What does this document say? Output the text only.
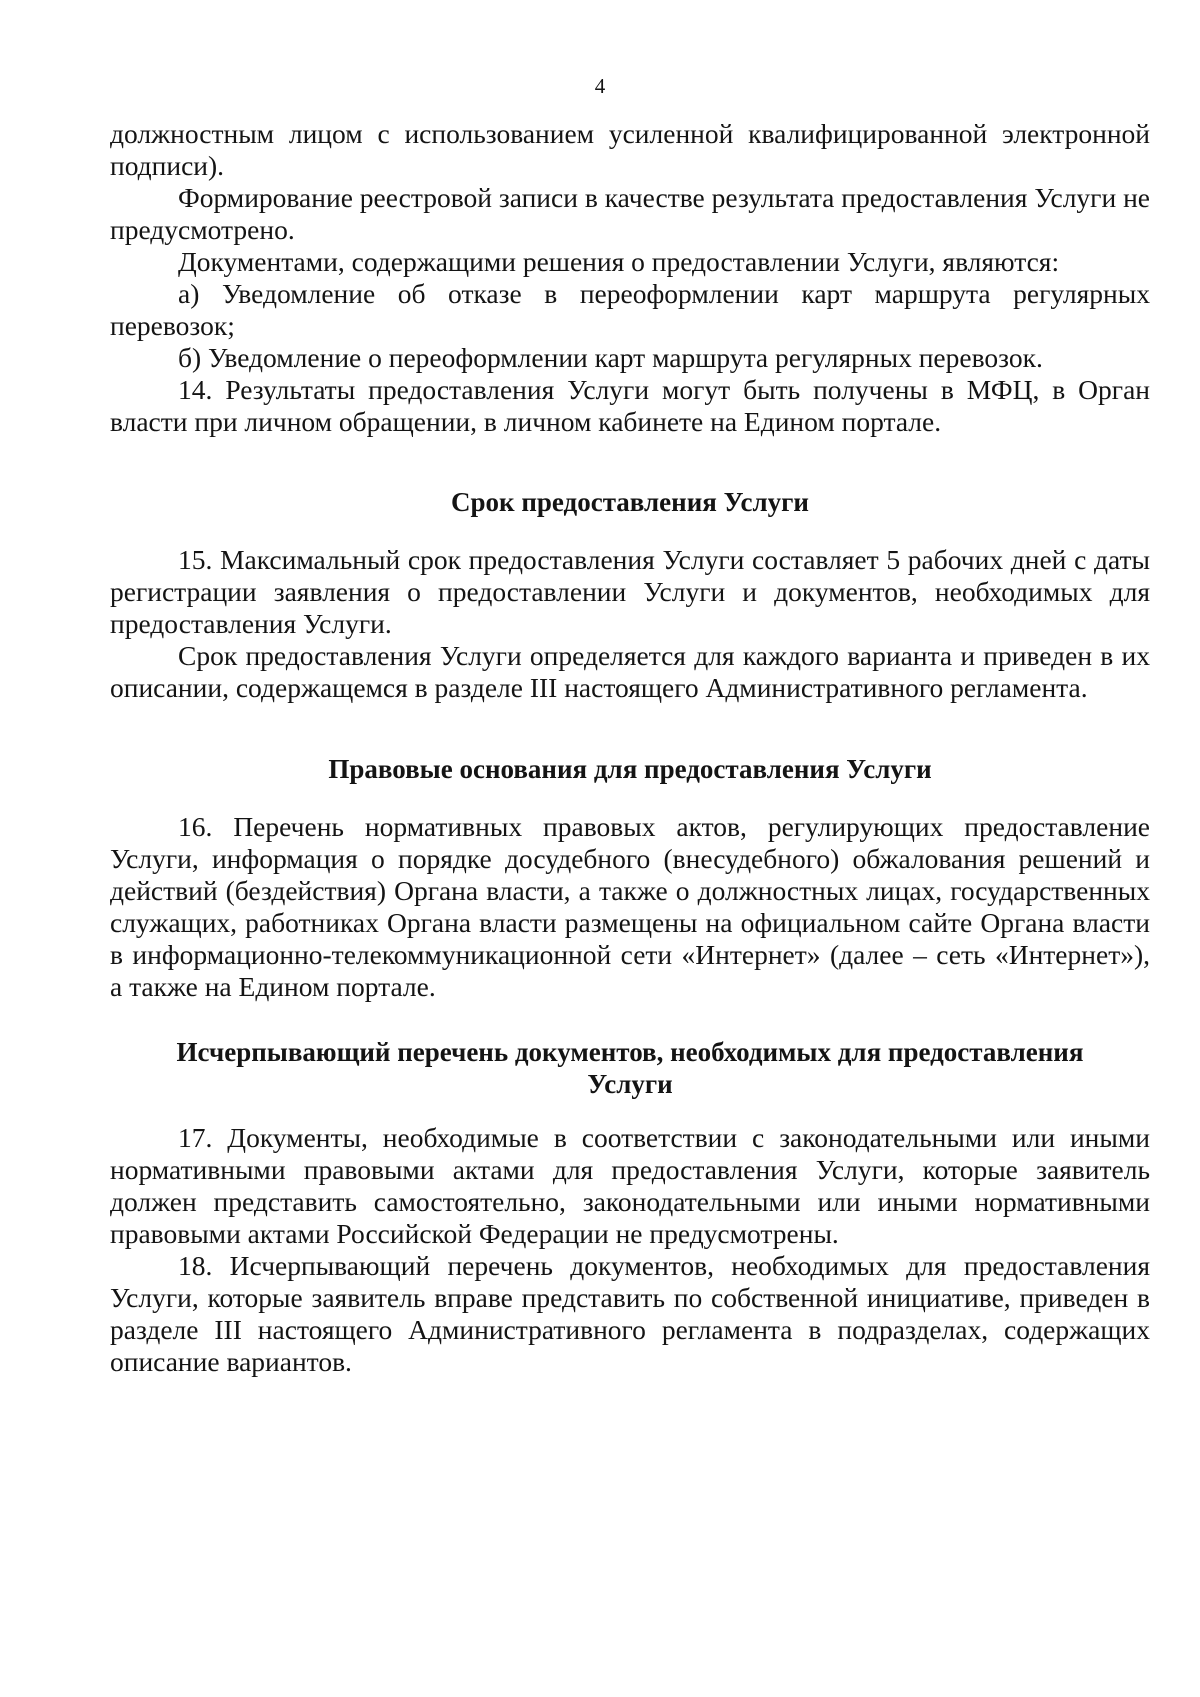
4

должностным лицом с использованием усиленной квалифицированной электронной подписи).

Формирование реестровой записи в качестве результата предоставления Услуги не предусмотрено.

Документами, содержащими решения о предоставлении Услуги, являются:

а) Уведомление об отказе в переоформлении карт маршрута регулярных перевозок;

б) Уведомление о переоформлении карт маршрута регулярных перевозок.

14. Результаты предоставления Услуги могут быть получены в МФЦ, в Орган власти при личном обращении, в личном кабинете на Едином портале.

Срок предоставления Услуги

15. Максимальный срок предоставления Услуги составляет 5 рабочих дней с даты регистрации заявления о предоставлении Услуги и документов, необходимых для предоставления Услуги.

Срок предоставления Услуги определяется для каждого варианта и приведен в их описании, содержащемся в разделе III настоящего Административного регламента.

Правовые основания для предоставления Услуги

16. Перечень нормативных правовых актов, регулирующих предоставление Услуги, информация о порядке досудебного (внесудебного) обжалования решений и действий (бездействия) Органа власти, а также о должностных лицах, государственных служащих, работниках Органа власти размещены на официальном сайте Органа власти в информационно-телекоммуникационной сети «Интернет» (далее – сеть «Интернет»), а также на Едином портале.

Исчерпывающий перечень документов, необходимых для предоставления Услуги

17. Документы, необходимые в соответствии с законодательными или иными нормативными правовыми актами для предоставления Услуги, которые заявитель должен представить самостоятельно, законодательными или иными нормативными правовыми актами Российской Федерации не предусмотрены.

18. Исчерпывающий перечень документов, необходимых для предоставления Услуги, которые заявитель вправе представить по собственной инициативе, приведен в разделе III настоящего Административного регламента в подразделах, содержащих описание вариантов.
